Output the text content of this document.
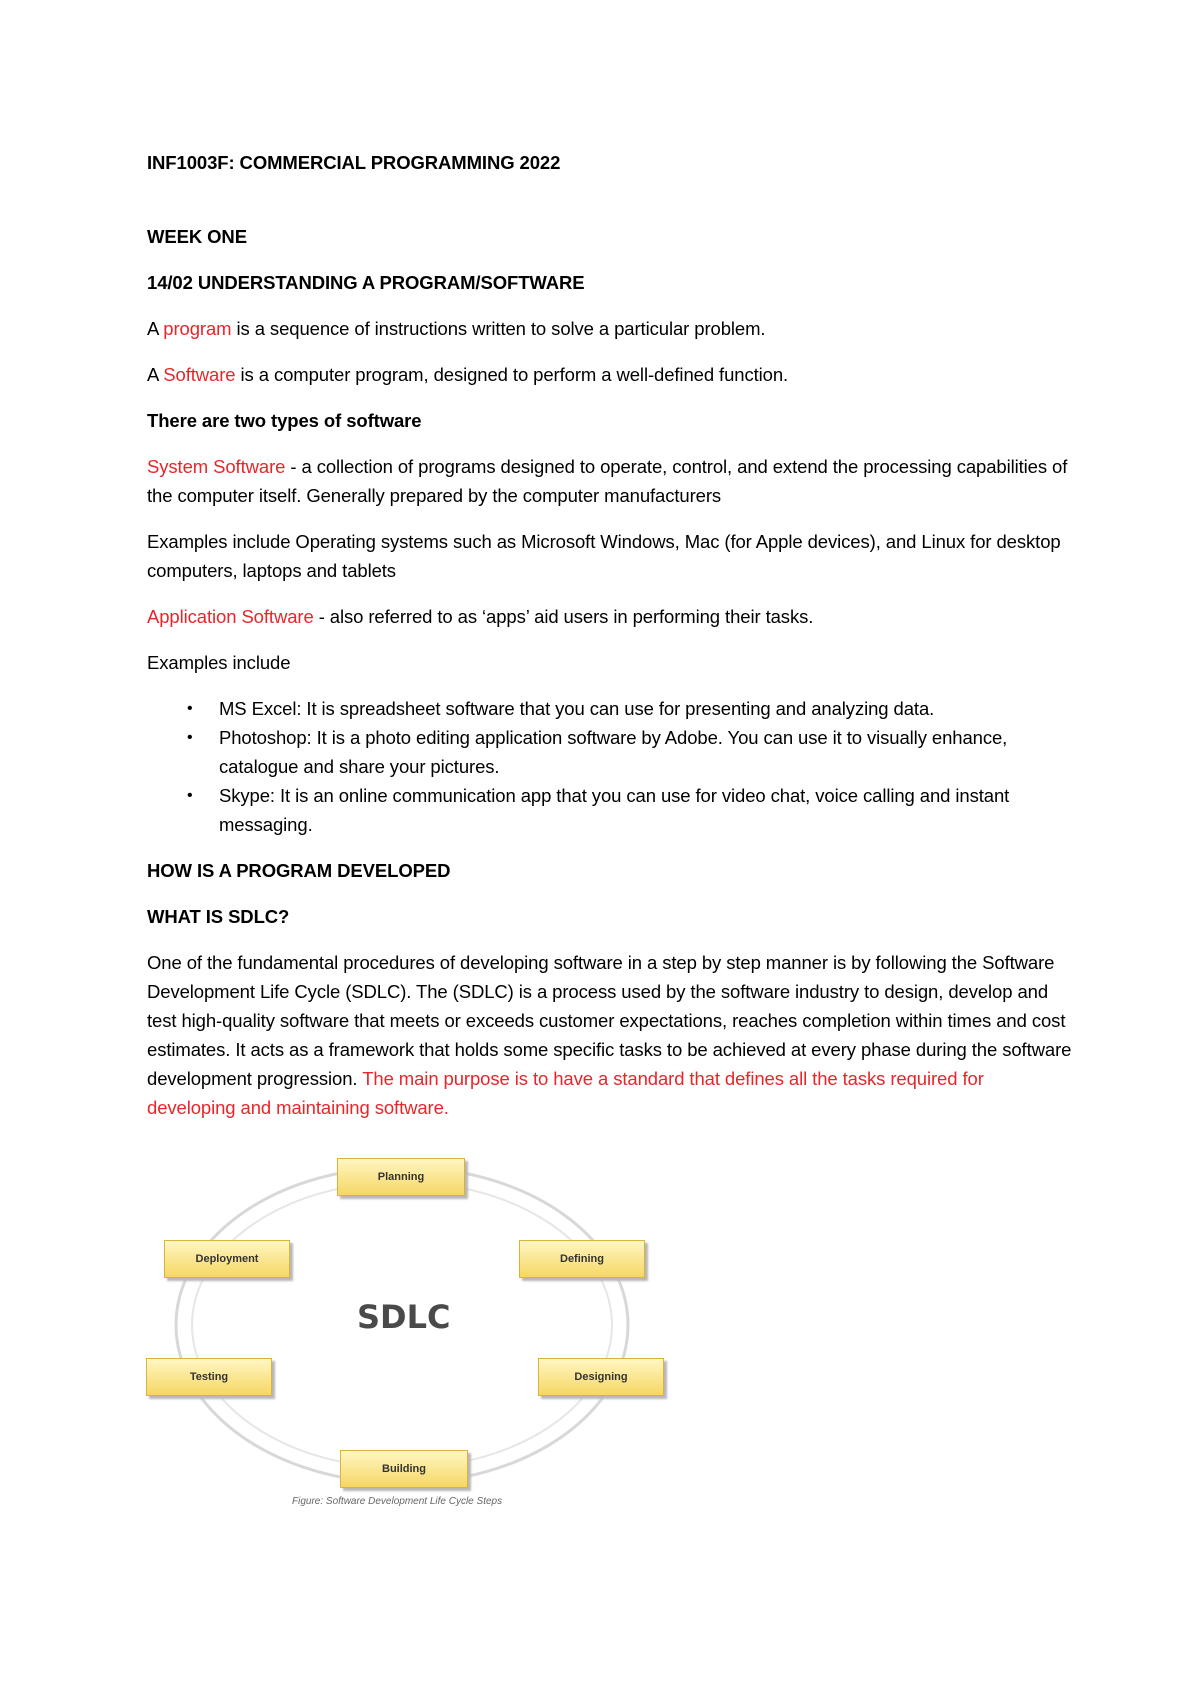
INF1003F: COMMERCIAL PROGRAMMING 2022

WEEK ONE

14/02 UNDERSTANDING A PROGRAM/SOFTWARE

A program is a sequence of instructions written to solve a particular problem.

A Software is a computer program, designed to perform a well-defined function.

There are two types of software

System Software - a collection of programs designed to operate, control, and extend the processing capabilities of the computer itself. Generally prepared by the computer manufacturers

Examples include Operating systems such as Microsoft Windows, Mac (for Apple devices), and Linux for desktop computers, laptops and tablets

Application Software - also referred to as ‘apps’ aid users in performing their tasks.

Examples include

• MS Excel: It is spreadsheet software that you can use for presenting and analyzing data.
• Photoshop: It is a photo editing application software by Adobe. You can use it to visually enhance, catalogue and share your pictures.
• Skype: It is an online communication app that you can use for video chat, voice calling and instant messaging.

HOW IS A PROGRAM DEVELOPED

WHAT IS SDLC?

One of the fundamental procedures of developing software in a step by step manner is by following the Software Development Life Cycle (SDLC). The (SDLC) is a process used by the software industry to design, develop and test high-quality software that meets or exceeds customer expectations, reaches completion within times and cost estimates. It acts as a framework that holds some specific tasks to be achieved at every phase during the software development progression. The main purpose is to have a standard that defines all the tasks required for developing and maintaining software.

SDLC
Planning
Defining
Designing
Building
Testing
Deployment
Figure: Software Development Life Cycle Steps
